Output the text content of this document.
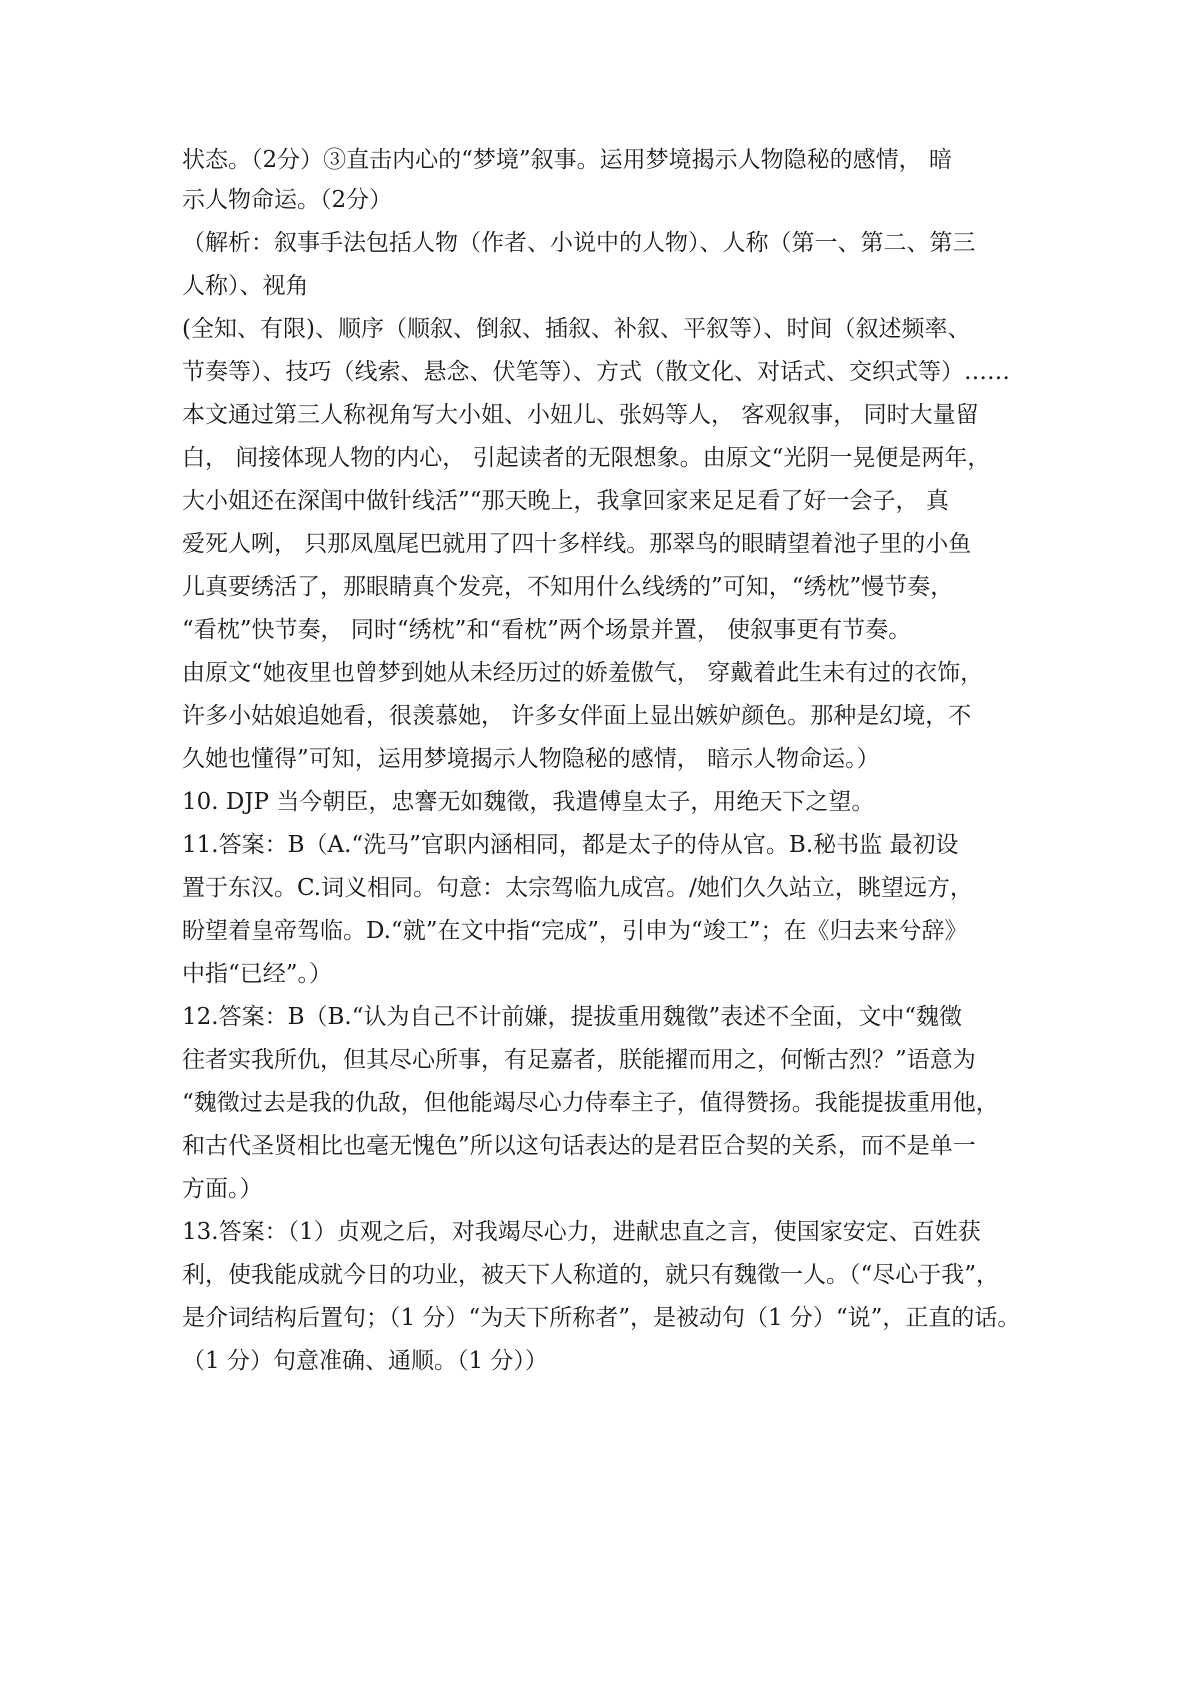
状态。（2分）③直击内心的“梦境”叙事。运用梦境揭示人物隐秘的感情， 暗
示人物命运。（2分）
（解析：叙事手法包括人物（作者、小说中的人物）、人称（第一、第二、第三
人称）、视角
(全知、有限)、顺序（顺叙、倒叙、插叙、补叙、平叙等）、时间（叙述频率、
节奏等）、技巧（线索、悬念、伏笔等）、方式（散文化、对话式、交织式等）……
本文通过第三人称视角写大小姐、小妞儿、张妈等人， 客观叙事， 同时大量留
白， 间接体现人物的内心， 引起读者的无限想象。由原文“光阴一晃便是两年，
大小姐还在深闺中做针线活”“那天晚上，我拿回家来足足看了好一会子， 真
爱死人咧， 只那凤凰尾巴就用了四十多样线。那翠鸟的眼睛望着池子里的小鱼
儿真要绣活了，那眼睛真个发亮，不知用什么线绣的”可知，“绣枕”慢节奏，
“看枕”快节奏， 同时“绣枕”和“看枕”两个场景并置， 使叙事更有节奏。
由原文“她夜里也曾梦到她从未经历过的娇羞傲气， 穿戴着此生未有过的衣饰，
许多小姑娘追她看，很羡慕她， 许多女伴面上显出嫉妒颜色。那种是幻境，不
久她也懂得”可知，运用梦境揭示人物隐秘的感情， 暗示人物命运。）
10. DJP 当今朝臣，忠謇无如魏徵，我遣傅皇太子，用绝天下之望。
11.答案：B（A.“洗马”官职内涵相同，都是太子的侍从官。B.秘书监 最初设
置于东汉。C.词义相同。句意：太宗驾临九成宫。/她们久久站立，眺望远方，
盼望着皇帝驾临。D.“就”在文中指“完成”，引申为“竣工”；在《归去来兮辞》
中指“已经”。）
12.答案：B（B.“认为自己不计前嫌，提拔重用魏徵”表述不全面，文中“魏徵
往者实我所仇，但其尽心所事，有足嘉者，朕能擢而用之，何惭古烈？”语意为
“魏徵过去是我的仇敌，但他能竭尽心力侍奉主子，值得赞扬。我能提拔重用他，
和古代圣贤相比也毫无愧色”所以这句话表达的是君臣合契的关系，而不是单一
方面。）
13.答案：（1）贞观之后，对我竭尽心力，进献忠直之言，使国家安定、百姓获
利，使我能成就今日的功业，被天下人称道的，就只有魏徵一人。（“尽心于我”，
是介词结构后置句；（1 分）“为天下所称者”，是被动句（1 分）“说”，正直的话。
（1 分）句意准确、通顺。（1 分））
